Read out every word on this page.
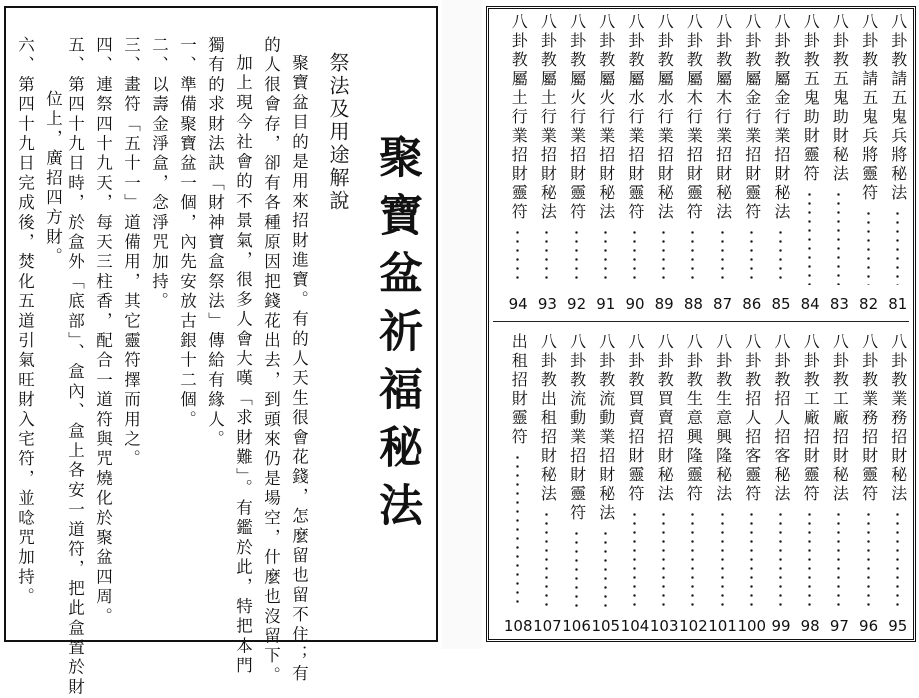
聚寶盆祈福秘法
祭法及用途解說
聚寶盆目的是用來招財進寶。有的人天生很會花錢，怎麼留也留不住；有
的人很會存，卻有各種原因把錢花出去，到頭來仍是場空，什麼也沒留下。
加上現今社會的不景氣，很多人會大嘆「求財難」。有鑑於此，特把本門
獨有的求財法訣「財神寶盒祭法」傳給有緣人。
一、準備聚寶盆一個，內先安放古銀十二個。
二、以壽金淨盒，念淨咒加持。
三、畫符「五十一」道備用，其它靈符擇而用之。
四、連祭四十九天，每天三柱香，配合一道符與咒燒化於聚盆四周。
五、第四十九日時，於盒外「底部」、盒內、盒上各安一道符，把此盒置於財
位上，廣招四方財。
六、第四十九日完成後，焚化五道引氣旺財入宅符，並唸咒加持。	八卦教請五鬼兵將秘法
81
八卦教請五鬼兵將靈符
82
八卦教五鬼助財秘法
83
八卦教五鬼助財靈符
84
八卦教屬金行業招財秘法
85
八卦教屬金行業招財靈符
86
八卦教屬木行業招財秘法
87
八卦教屬木行業招財靈符
88
八卦教屬水行業招財秘法
89
八卦教屬水行業招財靈符
90
八卦教屬火行業招財秘法
91
八卦教屬火行業招財靈符
92
八卦教屬土行業招財秘法
93
八卦教屬土行業招財靈符
94
八卦教業務招財秘法
95
八卦教業務招財靈符
96
八卦教工廠招財秘法
97
八卦教工廠招財靈符
98
八卦教招人招客秘法
99
八卦教招人招客靈符
100
八卦教生意興隆秘法
101
八卦教生意興隆靈符
102
八卦教買賣招財秘法
103
八卦教買賣招財靈符
104
八卦教流動業招財秘法
105
八卦教流動業招財靈符
106
八卦教出租招財秘法
107
出租招財靈符
108
